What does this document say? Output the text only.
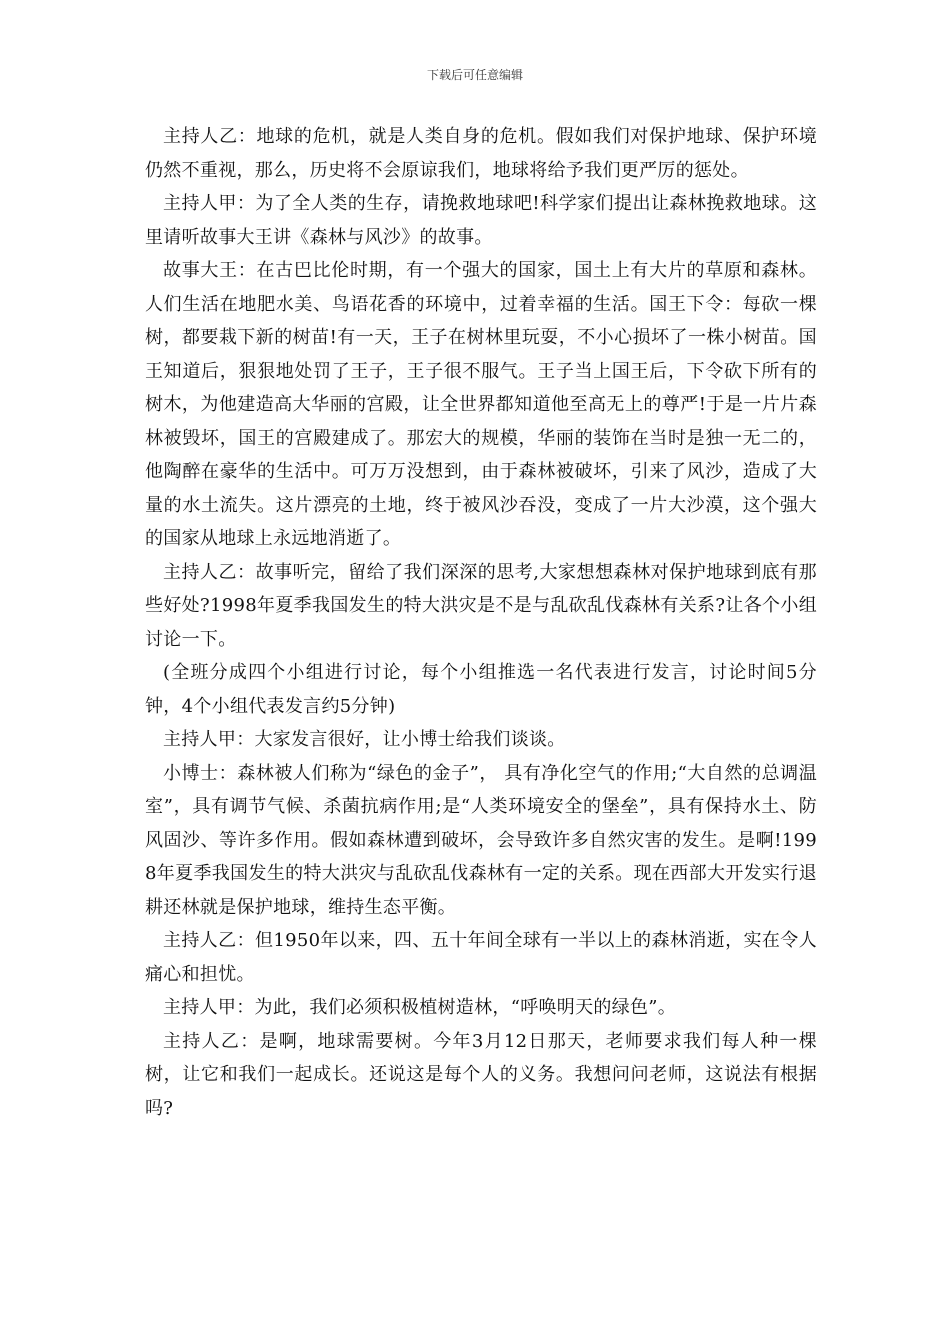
下载后可任意编辑

主持人乙：地球的危机，就是人类自身的危机。假如我们对保护地球、保护环境仍然不重视，那么，历史将不会原谅我们，地球将给予我们更严厉的惩处。

主持人甲：为了全人类的生存，请挽救地球吧!科学家们提出让森林挽救地球。这里请听故事大王讲《森林与风沙》的故事。

故事大王：在古巴比伦时期，有一个强大的国家，国土上有大片的草原和森林。人们生活在地肥水美、鸟语花香的环境中，过着幸福的生活。国王下令：每砍一棵树，都要栽下新的树苗!有一天，王子在树林里玩耍，不小心损坏了一株小树苗。国王知道后，狠狠地处罚了王子，王子很不服气。王子当上国王后，下令砍下所有的树木，为他建造高大华丽的宫殿，让全世界都知道他至高无上的尊严!于是一片片森林被毁坏，国王的宫殿建成了。那宏大的规模，华丽的装饰在当时是独一无二的，他陶醉在豪华的生活中。可万万没想到，由于森林被破坏，引来了风沙，造成了大量的水土流失。这片漂亮的土地，终于被风沙吞没，变成了一片大沙漠，这个强大的国家从地球上永远地消逝了。

主持人乙：故事听完，留给了我们深深的思考,大家想想森林对保护地球到底有那些好处?1998年夏季我国发生的特大洪灾是不是与乱砍乱伐森林有关系?让各个小组讨论一下。

(全班分成四个小组进行讨论，每个小组推选一名代表进行发言，讨论时间5分钟，4个小组代表发言约5分钟)

主持人甲：大家发言很好，让小博士给我们谈谈。

小博士：森林被人们称为“绿色的金子”， 具有净化空气的作用;“大自然的总调温室”，具有调节气候、杀菌抗病作用;是“人类环境安全的堡垒”，具有保持水土、防风固沙、等许多作用。假如森林遭到破坏，会导致许多自然灾害的发生。是啊!1998年夏季我国发生的特大洪灾与乱砍乱伐森林有一定的关系。现在西部大开发实行退耕还林就是保护地球，维持生态平衡。

主持人乙：但1950年以来，四、五十年间全球有一半以上的森林消逝，实在令人痛心和担忧。

主持人甲：为此，我们必须积极植树造林，“呼唤明天的绿色”。

主持人乙：是啊，地球需要树。今年3月12日那天，老师要求我们每人种一棵树，让它和我们一起成长。还说这是每个人的义务。我想问问老师，这说法有根据吗?
